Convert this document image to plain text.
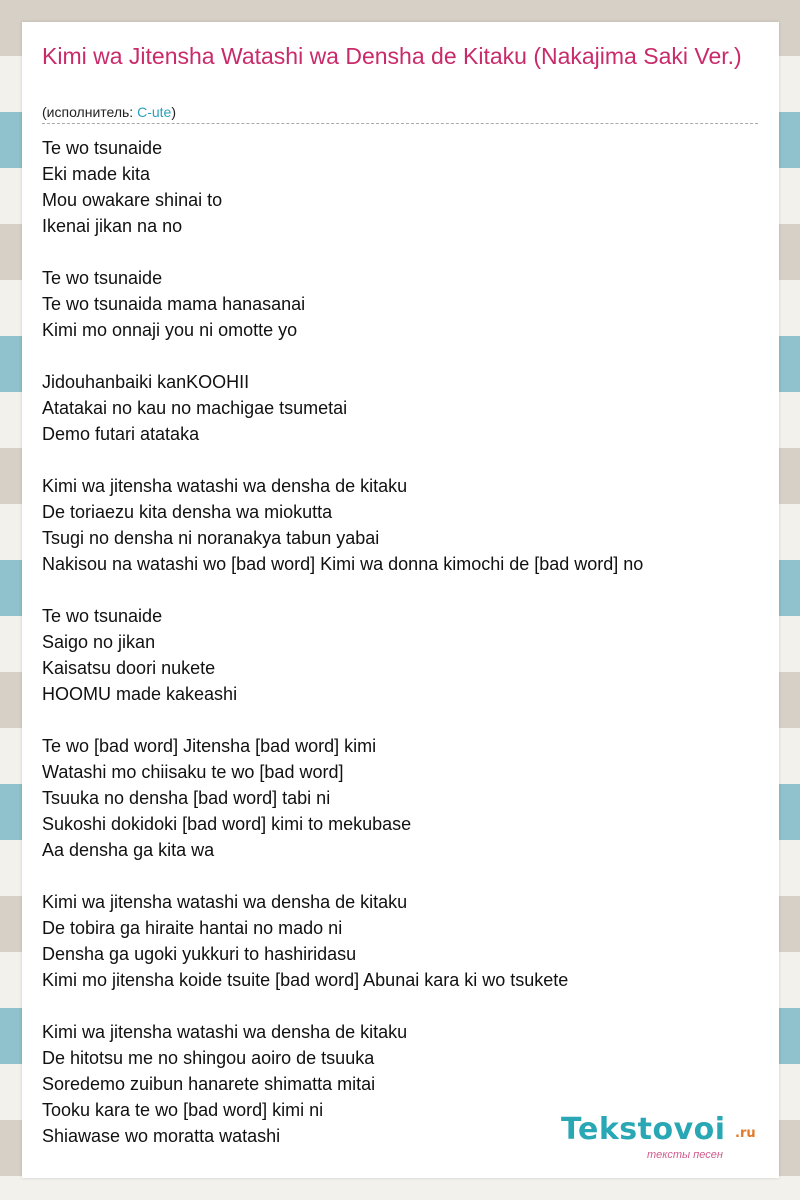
Kimi wa Jitensha Watashi wa Densha de Kitaku (Nakajima Saki Ver.)
(исполнитель: C-ute)
Te wo tsunaide
Eki made kita
Mou owakare shinai to
Ikenai jikan na no
Te wo tsunaide
Te wo tsunaida mama hanasanai
Kimi mo onnaji you ni omotte yo
Jidouhanbaiki kanKOOHII
Atatakai no kau no machigae tsumetai
Demo futari atataka
Kimi wa jitensha watashi wa densha de kitaku
De toriaezu kita densha wa miokutta
Tsugi no densha ni noranakya tabun yabai
Nakisou na watashi wo [bad word] Kimi wa donna kimochi de [bad word] no
Te wo tsunaide
Saigo no jikan
Kaisatsu doori nukete
HOOMU made kakeashi
Te wo [bad word] Jitensha [bad word] kimi
Watashi mo chiisaku te wo [bad word]
Tsuuka no densha [bad word] tabi ni
Sukoshi dokidoki [bad word] kimi to mekubase
Aa densha ga kita wa
Kimi wa jitensha watashi wa densha de kitaku
De tobira ga hiraite hantai no mado ni
Densha ga ugoki yukkuri to hashiridasu
Kimi mo jitensha koide tsuite [bad word] Abunai kara ki wo tsukete
Kimi wa jitensha watashi wa densha de kitaku
De hitotsu me no shingou aoiro de tsuuka
Soredemo zuibun hanarete shimatta mitai
Tooku kara te wo [bad word] kimi ni
Shiawase wo moratta watashi	Tekstovoi .ru
тексты песен
